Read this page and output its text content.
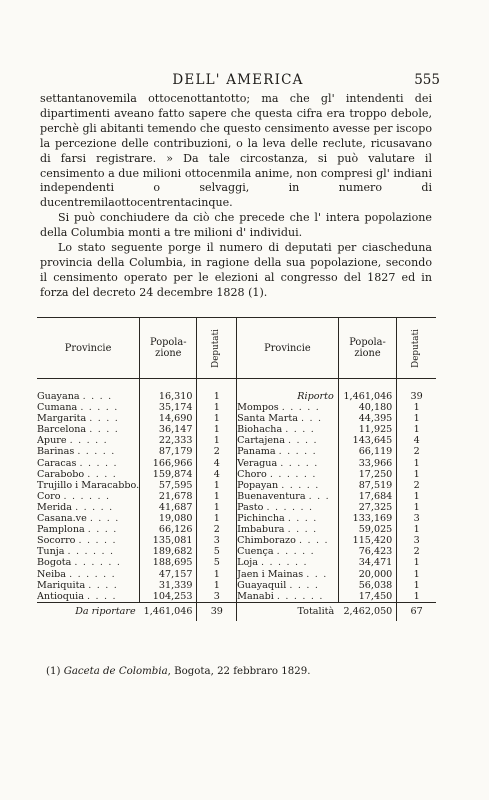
DELL' AMERICA	555

settantanovemila ottocenottantotto; ma che gl' intendenti dei dipartimenti aveano fatto sapere che questa cifra era troppo debole, perchè gli abitanti temendo che questo censimento avesse per iscopo la percezione delle contribuzioni, o la leva delle reclute, ricusavano di farsi registrare. » Da tale circostanza, si può valutare il censimento a due milioni ottocenmila anime, non compresi gl' indiani independenti o selvaggi, in numero di ducentremilaottocentrentacinque.

Si può conchiudere da ciò che precede che l' intera popolazione della Columbia monti a tre milioni d' individui.

Lo stato seguente porge il numero di deputati per ciascheduna provincia della Columbia, in ragione della sua popolazione, secondo il censimento operato per le elezioni al congresso del 1827 ed in forza del decreto 24 decembre 1828 (1).

Provincie	Popola-zione	Deputati	Provincie	Popola-zione	Deputati

Guayana . . . .	16,310	1	Riporto	1,461,046	39
Cumana . . . . .	35,174	1	Mompos . . . . .	40,180	1
Margarita . . . .	14,690	1	Santa Marta . . .	44,395	1
Barcelona . . . .	36,147	1	Biohacha . . . .	11,925	1
Apure . . . . .	22,333	1	Cartajena . . . .	143,645	4
Barinas . . . . .	87,179	2	Panama . . . . .	66,119	2
Caracas . . . . .	166,966	4	Veragua . . . . .	33,966	1
Carabobo . . . .	159,874	4	Choro . . . . . .	17,250	1
Trujillo i Maracabbo.	57,595	1	Popayan . . . . .	87,519	2
Coro . . . . . .	21,678	1	Buenaventura . . .	17,684	1
Merida . . . . .	41,687	1	Pasto . . . . . .	27,325	1
Casana.ve . . . .	19,080	1	Pichincha . . . .	133,169	3
Pamplona . . . .	66,126	2	Imbabura . . . .	59,025	1
Socorro . . . . .	135,081	3	Chimborazo . . . .	115,420	3
Tunja . . . . . .	189,682	5	Cuença . . . . .	76,423	2
Bogota . . . . . .	188,695	5	Loja . . . . . .	34,471	1
Neiba . . . . . .	47,157	1	Jaen i Mainas . . .	20,000	1
Mariquita . . . .	31,339	1	Guayaquil . . . .	56,038	1
Antioquia . . . .	104,253	3	Manabi . . . . . .	17,450	1
Da riportare	1,461,046	39	Totalità	2,462,050	67
(1) Gaceta de Colombia, Bogota, 22 febbraro 1829.
